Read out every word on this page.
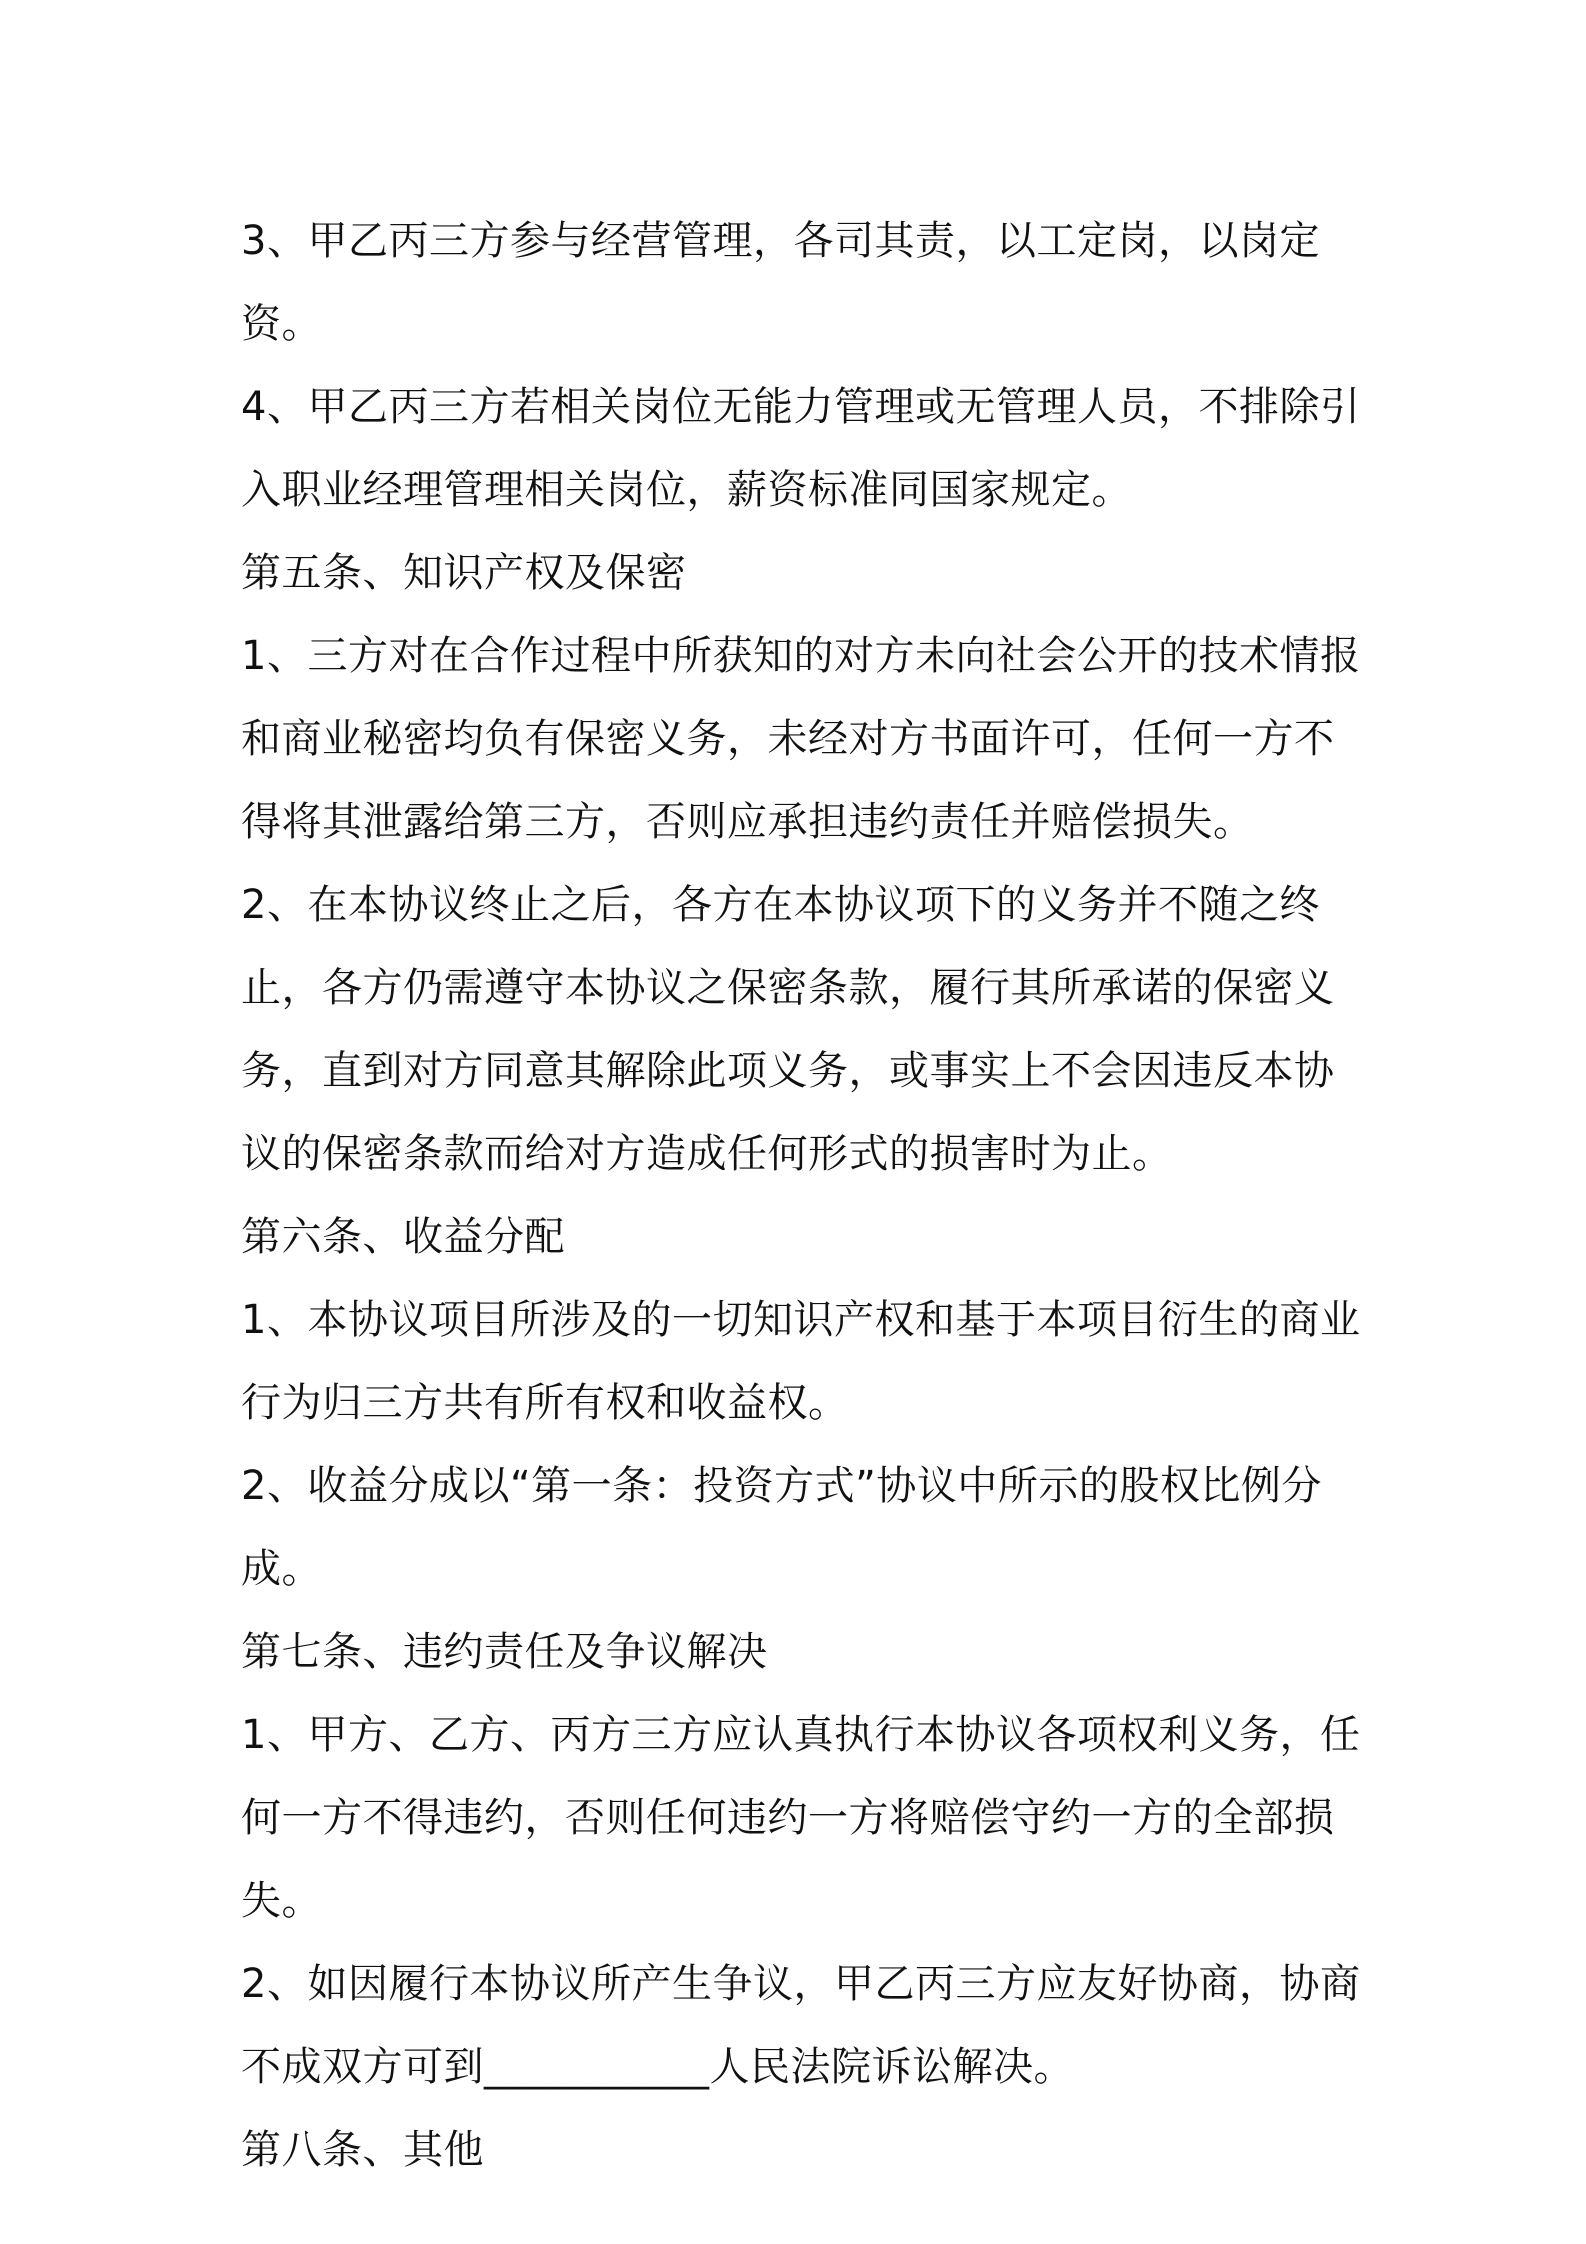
3、甲乙丙三方参与经营管理，各司其责，以工定岗，以岗定资。

4、甲乙丙三方若相关岗位无能力管理或无管理人员，不排除引入职业经理管理相关岗位，薪资标准同国家规定。

第五条、知识产权及保密

1、三方对在合作过程中所获知的对方未向社会公开的技术情报和商业秘密均负有保密义务，未经对方书面许可，任何一方不得将其泄露给第三方，否则应承担违约责任并赔偿损失。

2、在本协议终止之后，各方在本协议项下的义务并不随之终止，各方仍需遵守本协议之保密条款，履行其所承诺的保密义务，直到对方同意其解除此项义务，或事实上不会因违反本协议的保密条款而给对方造成任何形式的损害时为止。

第六条、收益分配

1、本协议项目所涉及的一切知识产权和基于本项目衍生的商业行为归三方共有所有权和收益权。

2、收益分成以“第一条：投资方式”协议中所示的股权比例分成。

第七条、违约责任及争议解决

1、甲方、乙方、丙方三方应认真执行本协议各项权利义务，任何一方不得违约，否则任何违约一方将赔偿守约一方的全部损失。

2、如因履行本协议所产生争议，甲乙丙三方应友好协商，协商不成双方可到___________人民法院诉讼解决。

第八条、其他
